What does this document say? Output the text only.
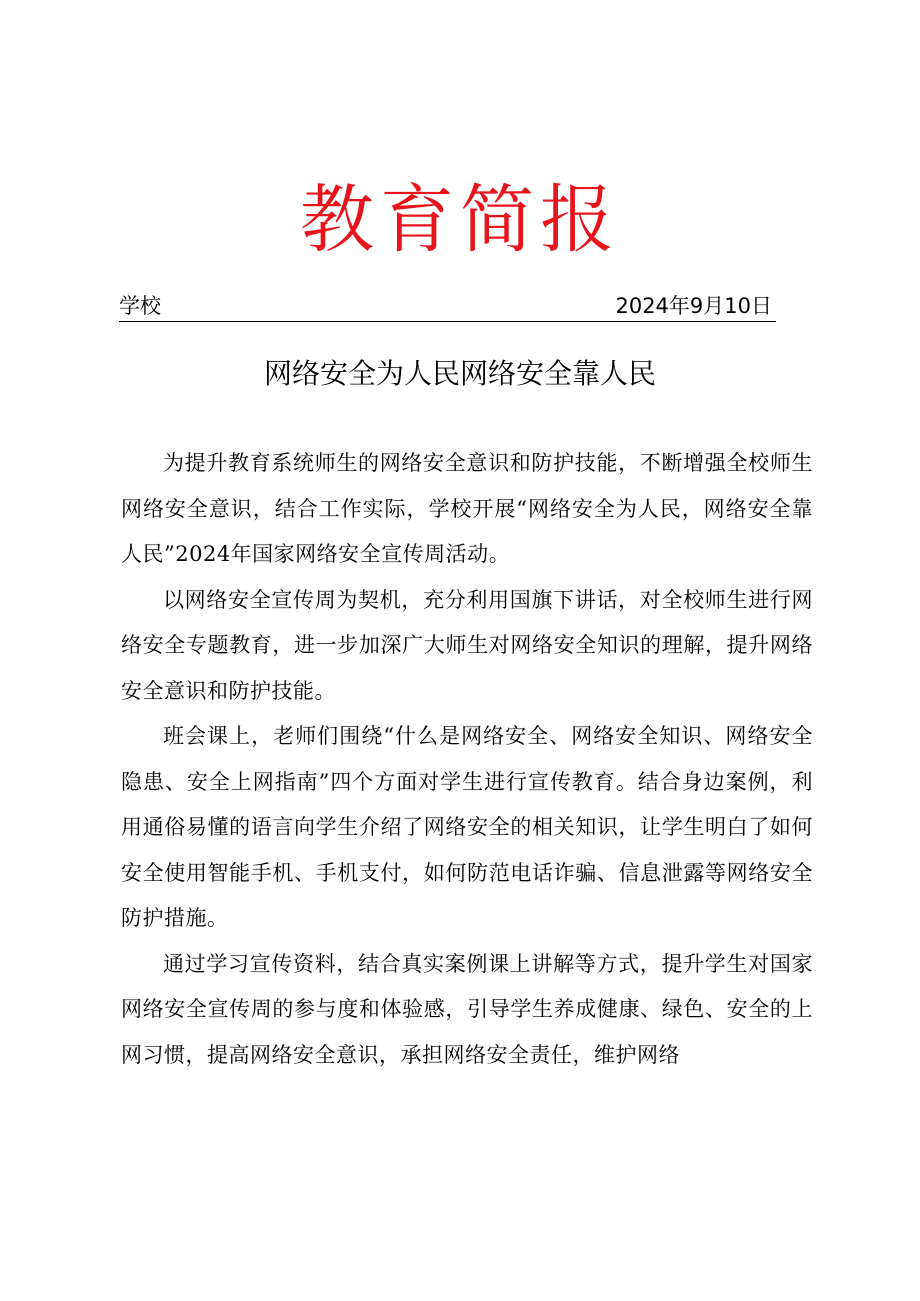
教育简报
学校	2024年9月10日
网络安全为人民网络安全靠人民

为提升教育系统师生的网络安全意识和防护技能，不断增强全校师生网络安全意识，结合工作实际，学校开展“网络安全为人民，网络安全靠人民”2024年国家网络安全宣传周活动。

以网络安全宣传周为契机，充分利用国旗下讲话，对全校师生进行网络安全专题教育，进一步加深广大师生对网络安全知识的理解，提升网络安全意识和防护技能。

班会课上，老师们围绕“什么是网络安全、网络安全知识、网络安全隐患、安全上网指南”四个方面对学生进行宣传教育。结合身边案例，利用通俗易懂的语言向学生介绍了网络安全的相关知识，让学生明白了如何安全使用智能手机、手机支付，如何防范电话诈骗、信息泄露等网络安全防护措施。

通过学习宣传资料，结合真实案例课上讲解等方式，提升学生对国家网络安全宣传周的参与度和体验感，引导学生养成健康、绿色、安全的上网习惯，提高网络安全意识，承担网络安全责任，维护网络
